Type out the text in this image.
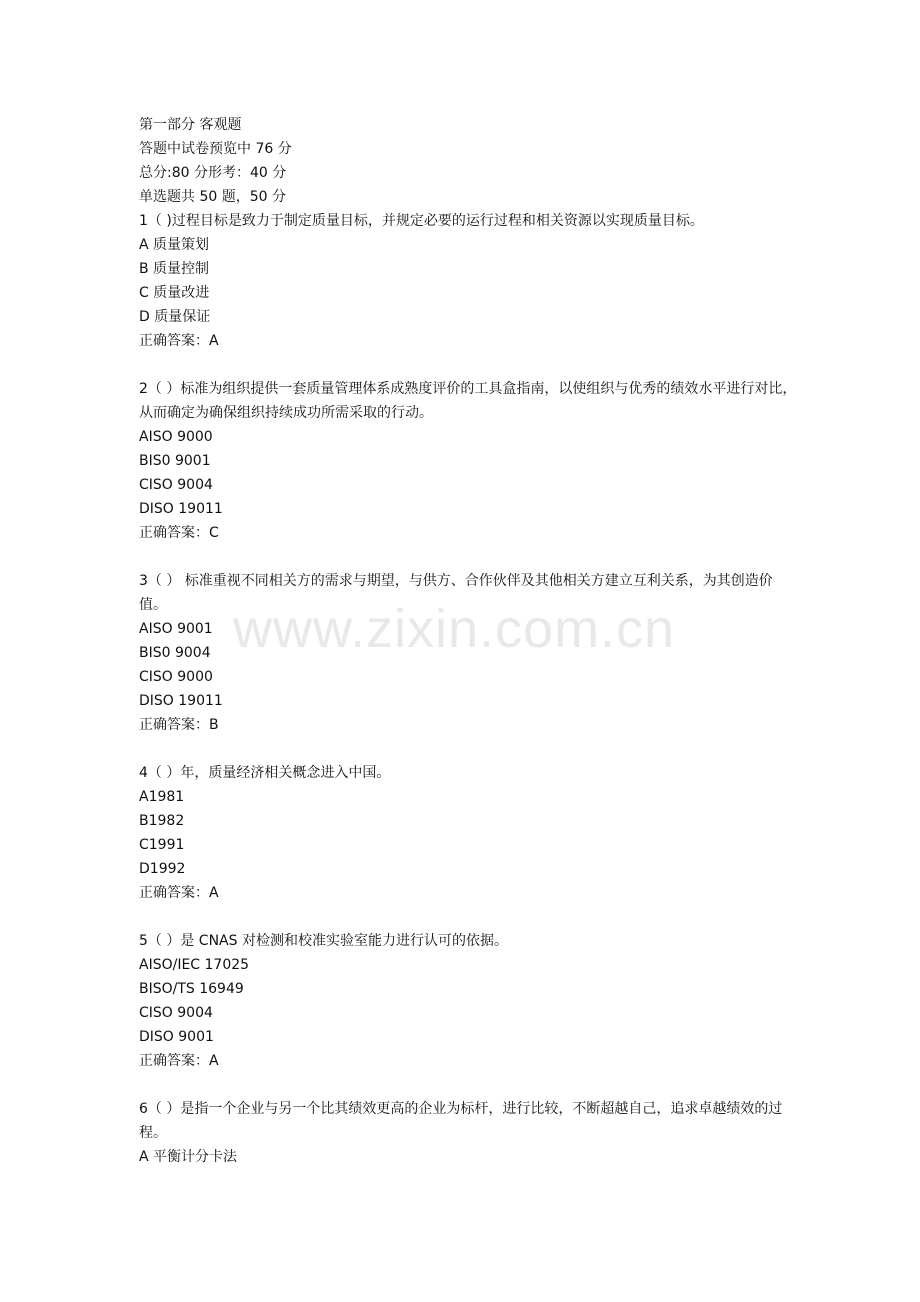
第一部分 客观题
答题中试卷预览中 76 分
总分:80 分形考：40 分
单选题共 50 题，50 分
1（ )过程目标是致力于制定质量目标，并规定必要的运行过程和相关资源以实现质量目标。
A 质量策划
B 质量控制
C 质量改进
D 质量保证
正确答案：A
2（ ）标准为组织提供一套质量管理体系成熟度评价的工具盒指南，以使组织与优秀的绩效水平进行对比，从而确定为确保组织持续成功所需采取的行动。
AISO 9000
BIS0 9001
CISO 9004
DISO 19011
正确答案：C
3（ ） 标准重视不同相关方的需求与期望，与供方、合作伙伴及其他相关方建立互利关系，为其创造价值。
AISO 9001
BIS0 9004
CISO 9000
DISO 19011
正确答案：B
4（ ）年，质量经济相关概念进入中国。
A1981
B1982
C1991
D1992
正确答案：A
5（ ）是 CNAS 对检测和校准实验室能力进行认可的依据。
AISO/IEC 17025
BISO/TS 16949
CISO 9004
DISO 9001
正确答案：A
6（ ）是指一个企业与另一个比其绩效更高的企业为标杆，进行比较，不断超越自己，追求卓越绩效的过程。
A 平衡计分卡法
www.zixin.com.cn
